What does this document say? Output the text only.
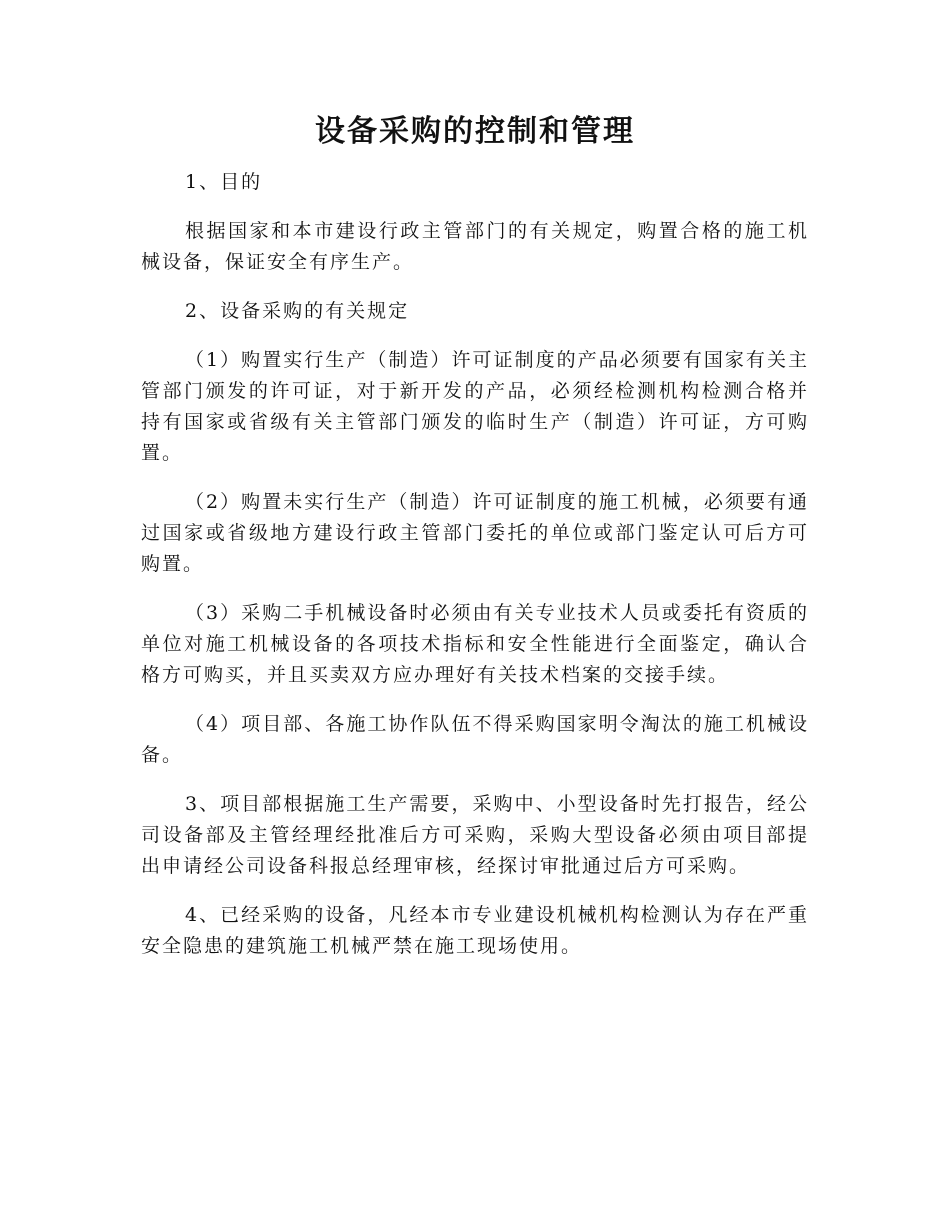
设备采购的控制和管理

1、目的

根据国家和本市建设行政主管部门的有关规定，购置合格的施工机械设备，保证安全有序生产。

2、设备采购的有关规定

（1）购置实行生产（制造）许可证制度的产品必须要有国家有关主管部门颁发的许可证，对于新开发的产品，必须经检测机构检测合格并持有国家或省级有关主管部门颁发的临时生产（制造）许可证，方可购置。

（2）购置未实行生产（制造）许可证制度的施工机械，必须要有通过国家或省级地方建设行政主管部门委托的单位或部门鉴定认可后方可购置。

（3）采购二手机械设备时必须由有关专业技术人员或委托有资质的单位对施工机械设备的各项技术指标和安全性能进行全面鉴定，确认合格方可购买，并且买卖双方应办理好有关技术档案的交接手续。

（4）项目部、各施工协作队伍不得采购国家明令淘汰的施工机械设备。

3、项目部根据施工生产需要，采购中、小型设备时先打报告，经公司设备部及主管经理经批准后方可采购，采购大型设备必须由项目部提出申请经公司设备科报总经理审核，经探讨审批通过后方可采购。

4、已经采购的设备，凡经本市专业建设机械机构检测认为存在严重安全隐患的建筑施工机械严禁在施工现场使用。
